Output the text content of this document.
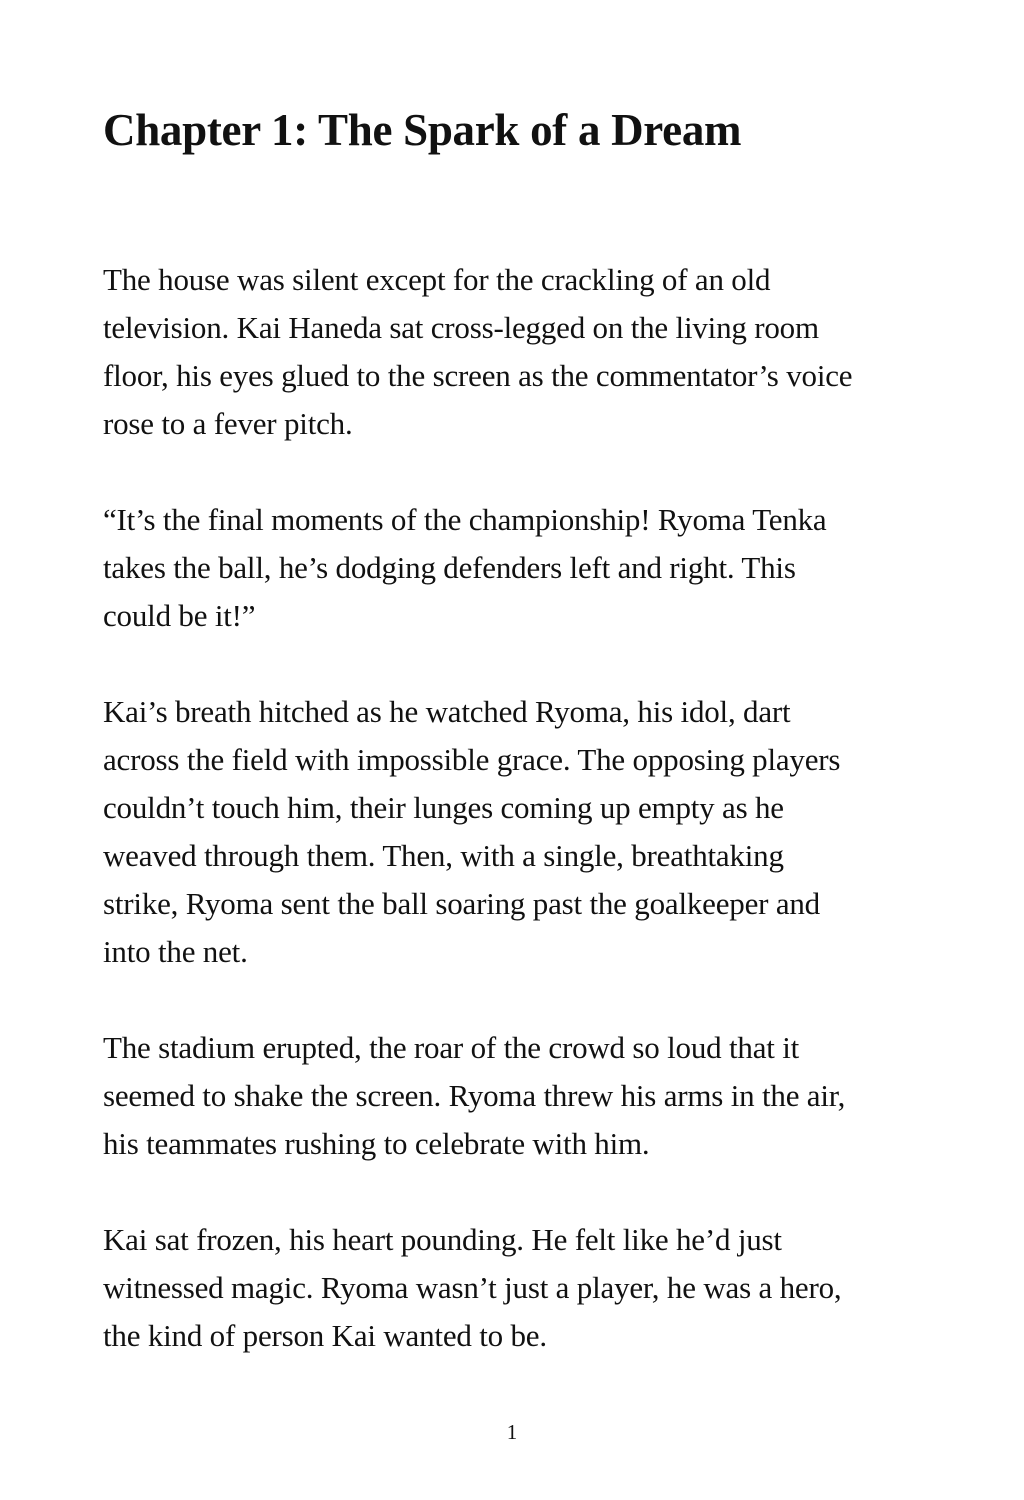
Chapter 1: The Spark of a Dream

The house was silent except for the crackling of an old
television. Kai Haneda sat cross-legged on the living room
floor, his eyes glued to the screen as the commentator’s voice
rose to a fever pitch.

“It’s the final moments of the championship! Ryoma Tenka
takes the ball, he’s dodging defenders left and right. This
could be it!”

Kai’s breath hitched as he watched Ryoma, his idol, dart
across the field with impossible grace. The opposing players
couldn’t touch him, their lunges coming up empty as he
weaved through them. Then, with a single, breathtaking
strike, Ryoma sent the ball soaring past the goalkeeper and
into the net.

The stadium erupted, the roar of the crowd so loud that it
seemed to shake the screen. Ryoma threw his arms in the air,
his teammates rushing to celebrate with him.

Kai sat frozen, his heart pounding. He felt like he’d just
witnessed magic. Ryoma wasn’t just a player, he was a hero,
the kind of person Kai wanted to be.

1
